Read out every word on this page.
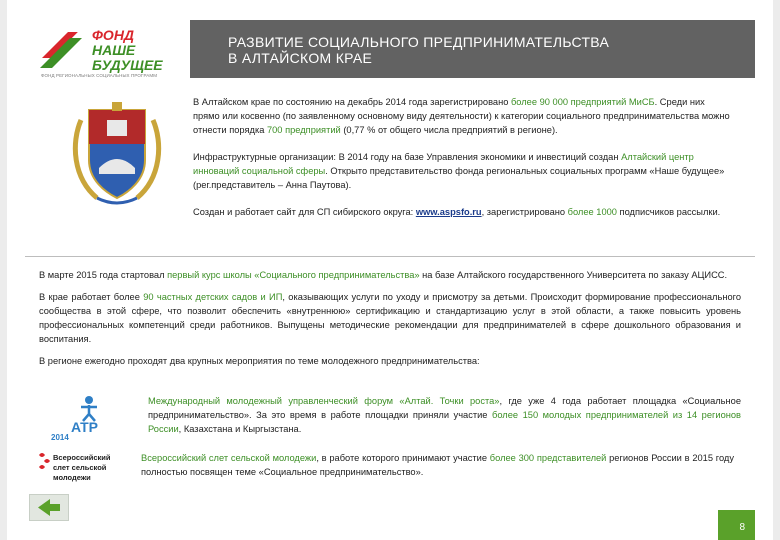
ФОНД
НАШЕ
БУДУЩЕЕ
ФОНД РЕГИОНАЛЬНЫХ СОЦИАЛЬНЫХ ПРОГРАММ
РАЗВИТИЕ СОЦИАЛЬНОГО ПРЕДПРИНИМАТЕЛЬСТВА
В АЛТАЙСКОМ КРАЕ

В Алтайском крае по состоянию на декабрь 2014 года зарегистрировано более 90 000 предприятий МиСБ. Среди них прямо или косвенно (по заявленному основному виду деятельности) к категории социального предпринимательства можно отнести порядка 700 предприятий (0,77 % от общего числа предприятий в регионе).

Инфраструктурные организации: В 2014 году на базе Управления экономики и инвестиций создан Алтайский центр инноваций социальной сферы. Открыто представительство фонда региональных социальных программ «Наше будущее» (рег.представитель – Анна Паутова).

Создан и работает сайт для СП сибирского округа: www.aspsfo.ru, зарегистрировано более 1000 подписчиков рассылки.

В марте 2015 года стартовал первый курс школы «Социального предпринимательства» на базе Алтайского государственного Университета по заказу АЦИСС.

В крае работает более 90 частных детских садов и ИП, оказывающих услуги по уходу и присмотру за детьми. Происходит формирование профессионального сообщества в этой сфере, что позволит обеспечить «внутреннюю» сертификацию и стандартизацию услуг в этой области, а также повысить уровень профессиональных компетенций среди работников. Выпущены методические рекомендации для предпринимателей в сфере дошкольного образования и воспитания.

В регионе ежегодно проходят два крупных мероприятия по теме молодежного предпринимательства:

ATP
2014
Международный молодежный управленческий форум «Алтай. Точки роста», где уже 4 года работает площадка «Социальное предпринимательство». За это время в работе площадки приняли участие более 150 молодых предпринимателей из 14 регионов России, Казахстана и Кыргызстана.
Всероссийский
слет сельской
молодежи
Всероссийский слет сельской молодежи, в работе которого принимают участие более 300 представителей регионов России в 2015 году полностью посвящен теме «Социальное предпринимательство».
8
